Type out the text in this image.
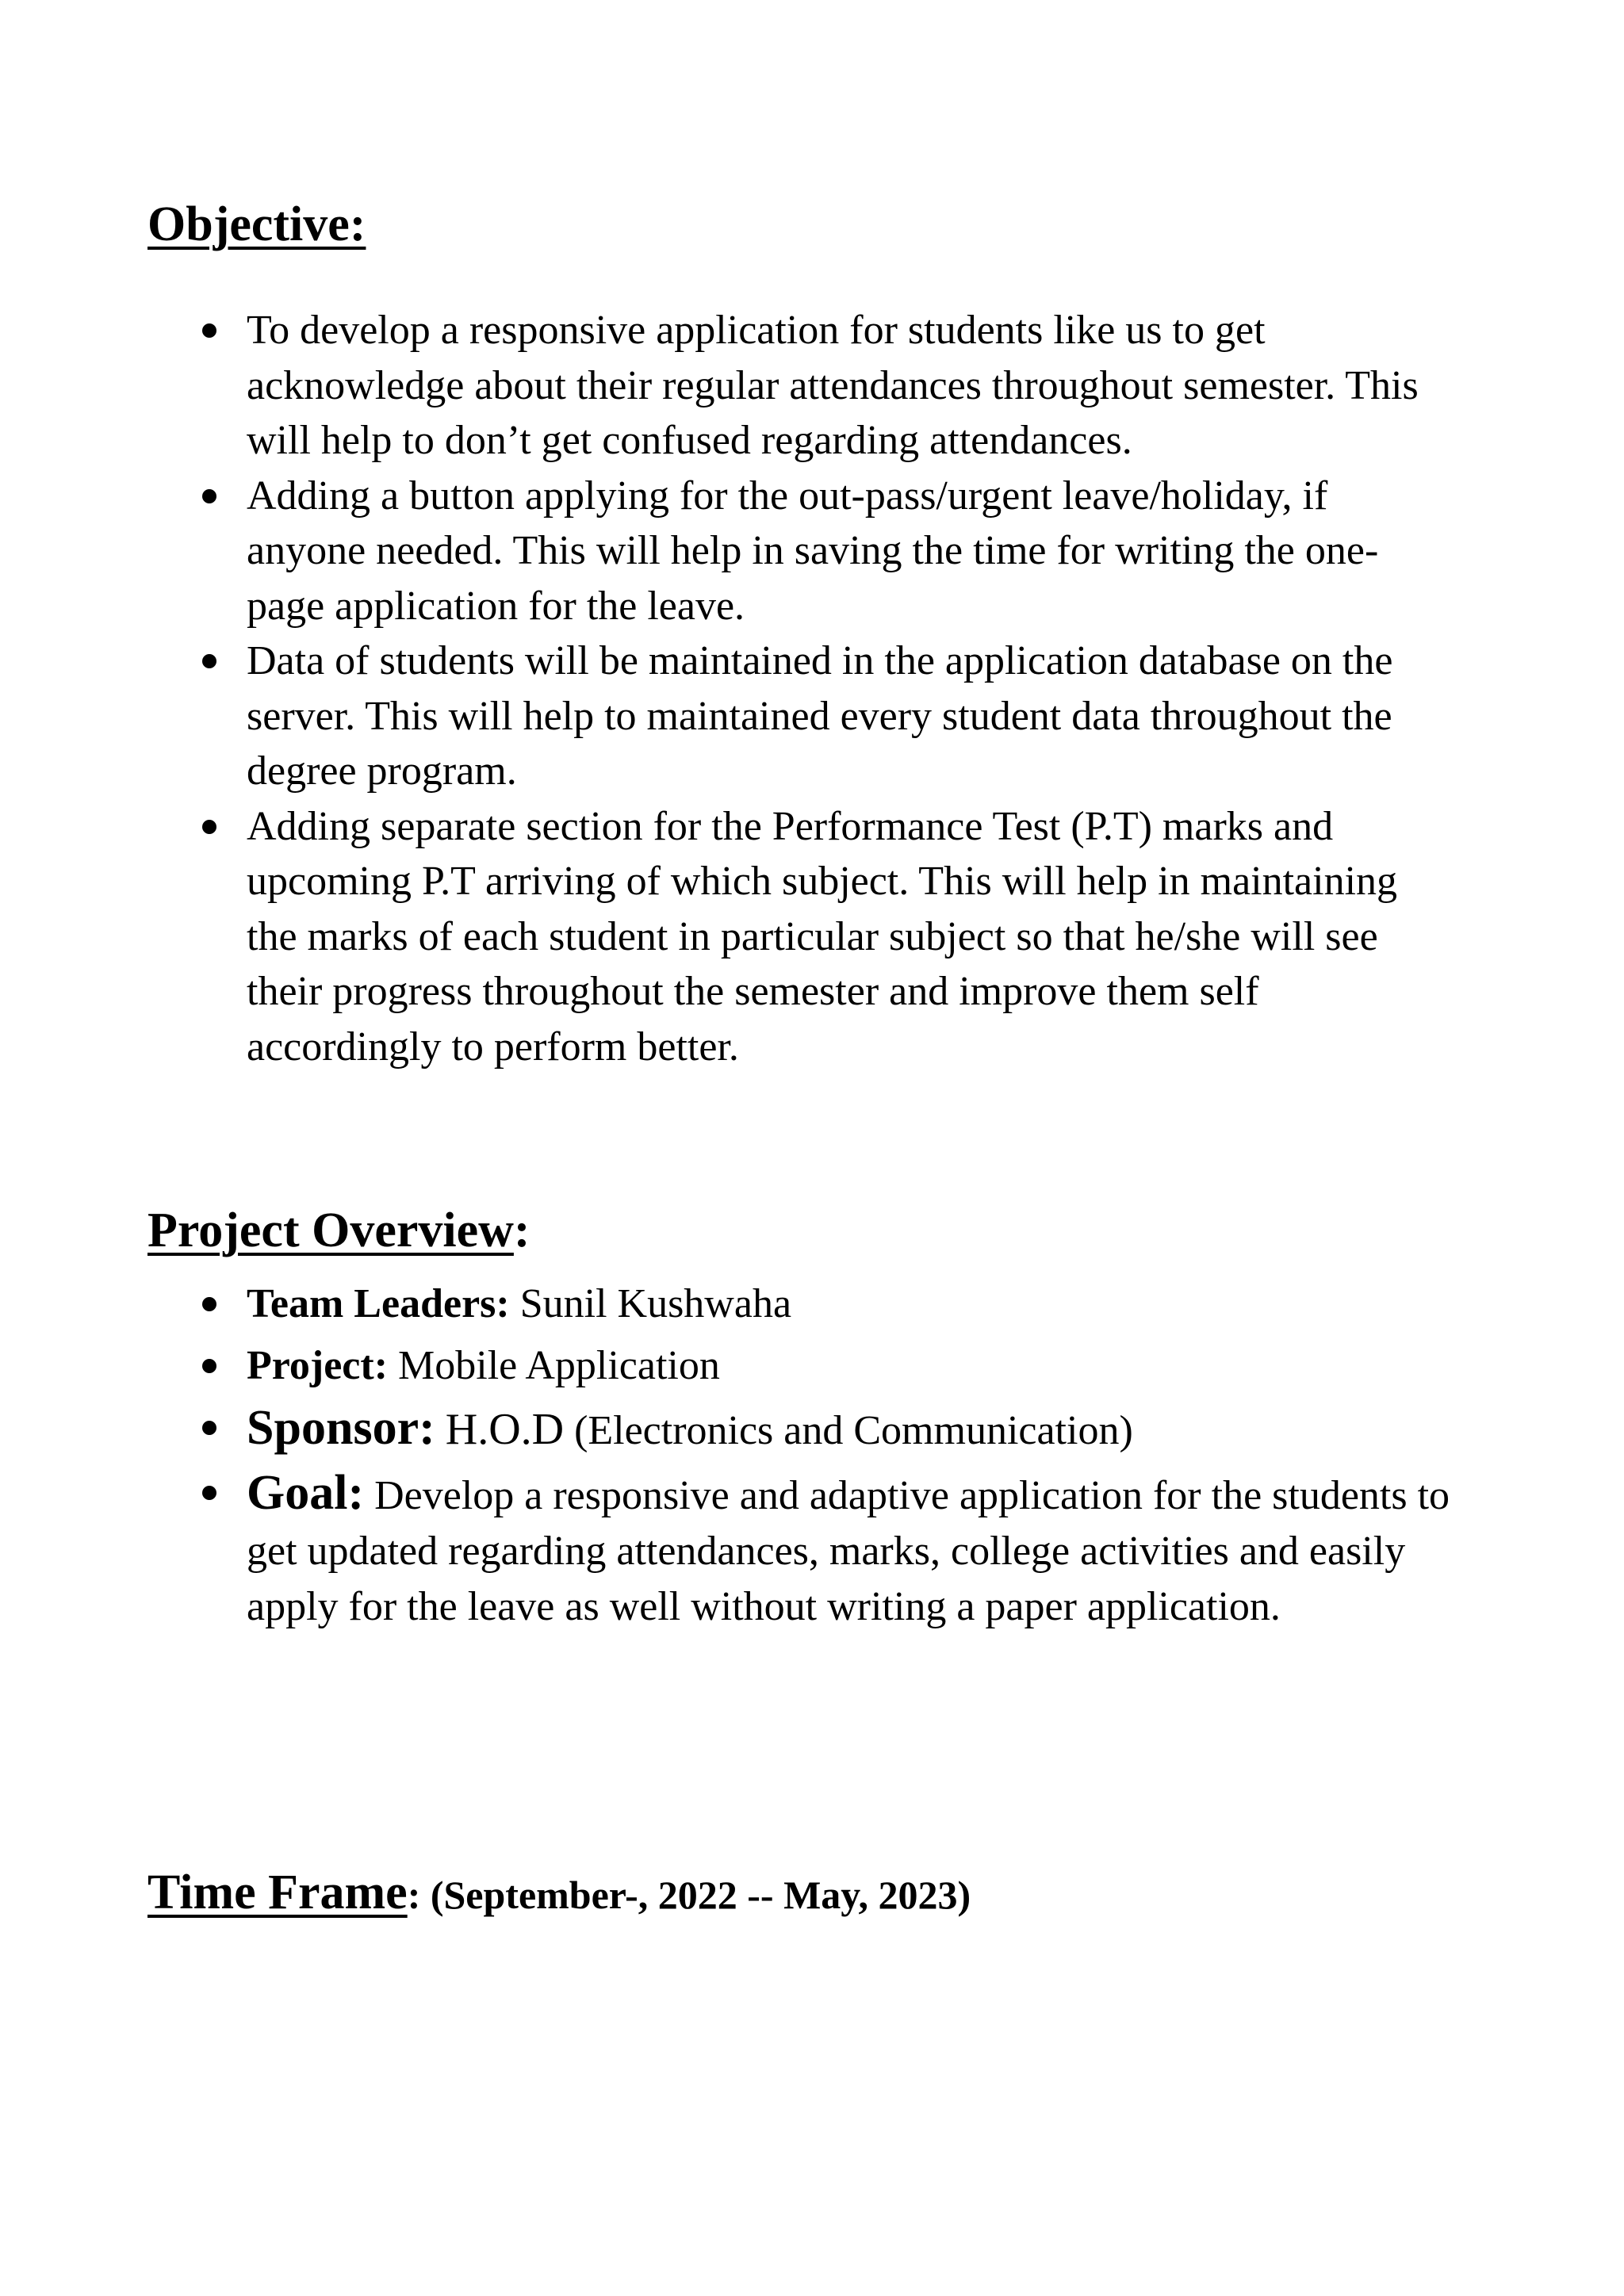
Objective:
To develop a responsive application for students like us to get acknowledge about their regular attendances throughout semester. This will help to don’t get confused regarding attendances.
Adding a button applying for the out-pass/urgent leave/holiday, if anyone needed. This will help in saving the time for writing the one-page application for the leave.
Data of students will be maintained in the application database on the server. This will help to maintained every student data throughout the degree program.
Adding separate section for the Performance Test (P.T) marks and upcoming P.T arriving of which subject. This will help in maintaining the marks of each student in particular subject so that he/she will see their progress throughout the semester and improve them self accordingly to perform better.
Project Overview:
Team Leaders: Sunil Kushwaha
Project: Mobile Application
Sponsor: H.O.D (Electronics and Communication)
Goal: Develop a responsive and adaptive application for the students to get updated regarding attendances, marks, college activities and easily apply for the leave as well without writing a paper application.
Time Frame: (September-, 2022 -- May, 2023)
